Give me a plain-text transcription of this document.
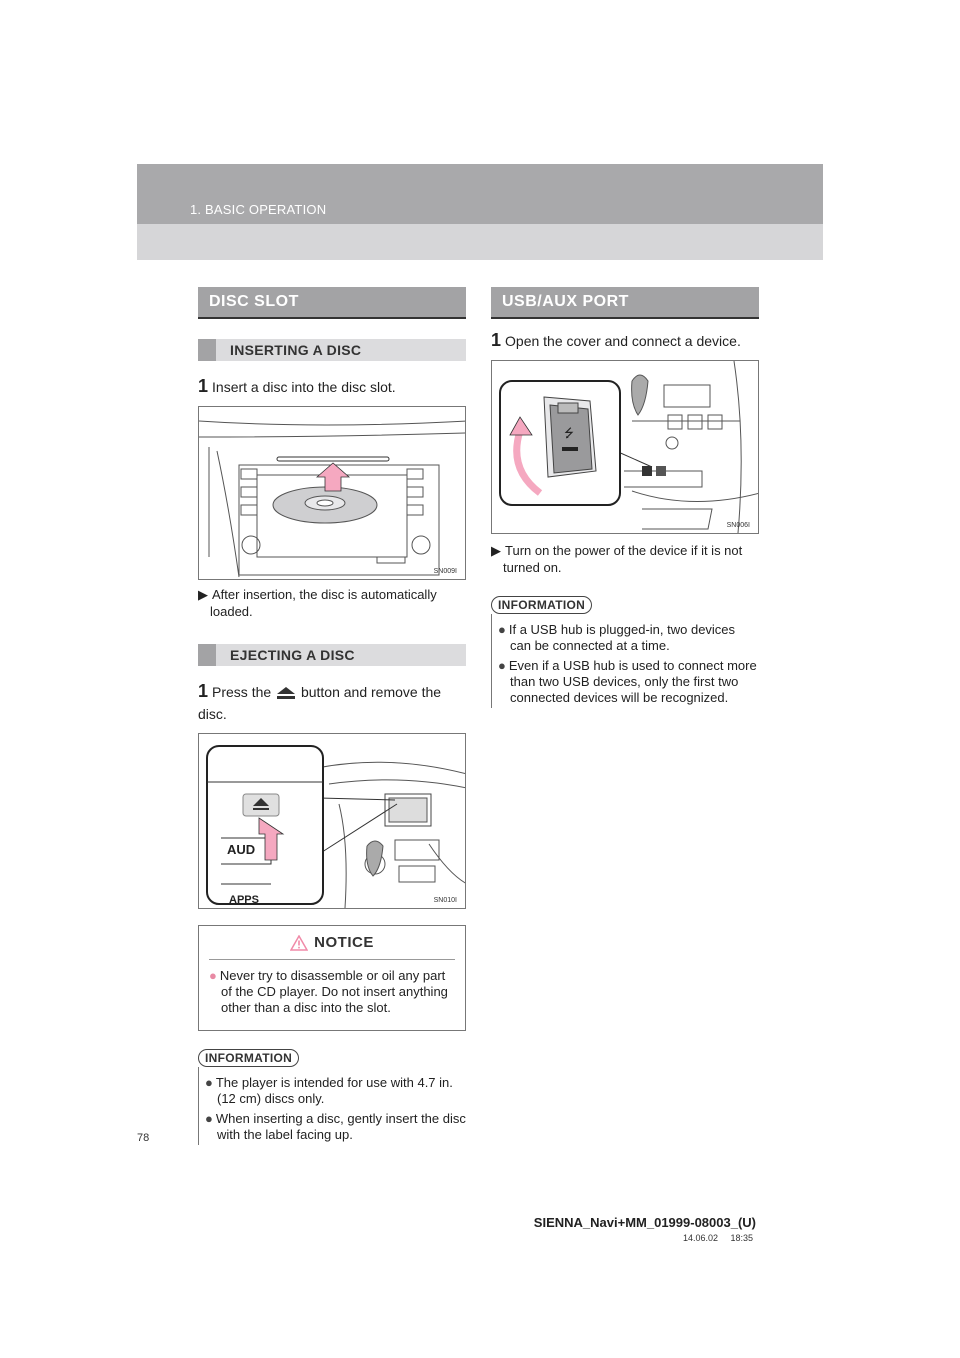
1. BASIC OPERATION
DISC SLOT
INSERTING A DISC
1 Insert a disc into the disc slot.
SN009I
▶ After insertion, the disc is automatically loaded.
EJECTING A DISC
1 Press the button and remove the disc.
AUD
APPS	SN010I
NOTICE
● Never try to disassemble or oil any part of the CD player. Do not insert anything other than a disc into the slot.
INFORMATION
● The player is intended for use with 4.7 in. (12 cm) discs only.
● When inserting a disc, gently insert the disc with the label facing up.
USB/AUX PORT
1 Open the cover and connect a device.
⭍
SN006I
▶ Turn on the power of the device if it is not turned on.
INFORMATION
● If a USB hub is plugged-in, two devices can be connected at a time.
● Even if a USB hub is used to connect more than two USB devices, only the first two connected devices will be recognized.
78
SIENNA_Navi+MM_01999-08003_(U)
14.06.02     18:35
